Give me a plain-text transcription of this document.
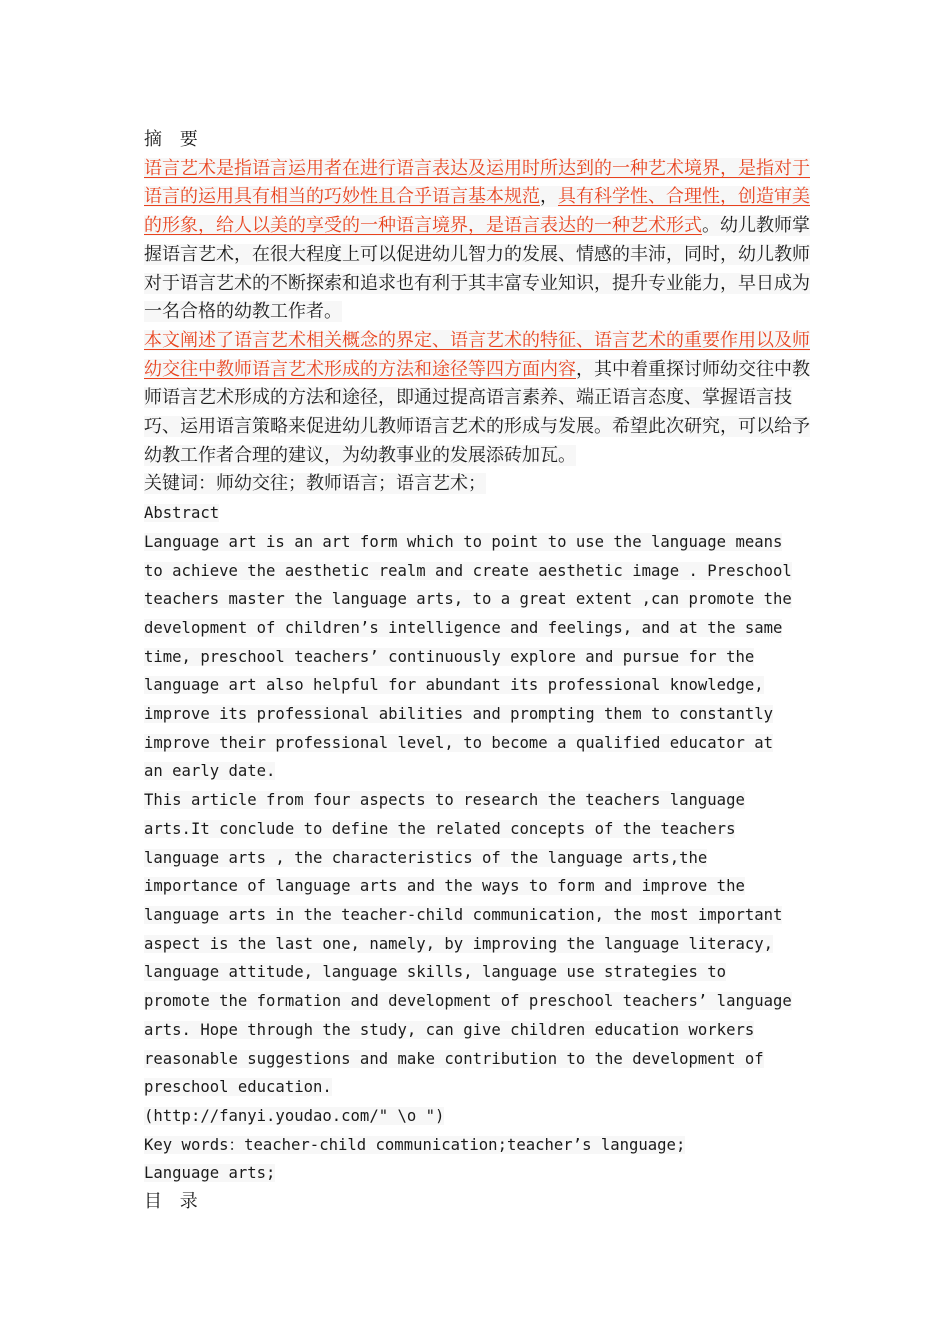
摘 要

语言艺术是指语言运用者在进行语言表达及运用时所达到的一种艺术境界，是指对于语言的运用具有相当的巧妙性且合乎语言基本规范，具有科学性、合理性，创造审美的形象，给人以美的享受的一种语言境界，是语言表达的一种艺术形式。幼儿教师掌握语言艺术，在很大程度上可以促进幼儿智力的发展、情感的丰沛，同时，幼儿教师对于语言艺术的不断探索和追求也有利于其丰富专业知识，提升专业能力，早日成为一名合格的幼教工作者。

本文阐述了语言艺术相关概念的界定、语言艺术的特征、语言艺术的重要作用以及师幼交往中教师语言艺术形成的方法和途径等四方面内容，其中着重探讨师幼交往中教师语言艺术形成的方法和途径，即通过提高语言素养、端正语言态度、掌握语言技巧、运用语言策略来促进幼儿教师语言艺术的形成与发展。希望此次研究，可以给予幼教工作者合理的建议，为幼教事业的发展添砖加瓦。

关键词：师幼交往；教师语言；语言艺术；

Abstract

Language art is an art form which to point to use the language means

to achieve the aesthetic realm and create aesthetic image . Preschool

teachers master the language arts, to a great extent ,can promote the

development of children’s intelligence and feelings, and at the same

time, preschool teachers’ continuously explore and pursue for the

language art also helpful for abundant its professional knowledge,

improve its professional abilities and prompting them to constantly

improve their professional level, to become a qualified educator at

an early date.

This article from four aspects to research the teachers language

arts.It conclude to define the related concepts of the teachers

language arts , the characteristics of the language arts,the

importance of language arts and the ways to form and improve the

language arts in the teacher-child communication, the most important

aspect is the last one, namely, by improving the language literacy,

language attitude, language skills, language use strategies to

promote the formation and development of preschool teachers’ language

arts. Hope through the study, can give children education workers

reasonable suggestions and make contribution to the development of

preschool education.

(http://fanyi.youdao.com/" \o ")

Key words：teacher-child communication;teacher’s language;

Language arts;

目 录
